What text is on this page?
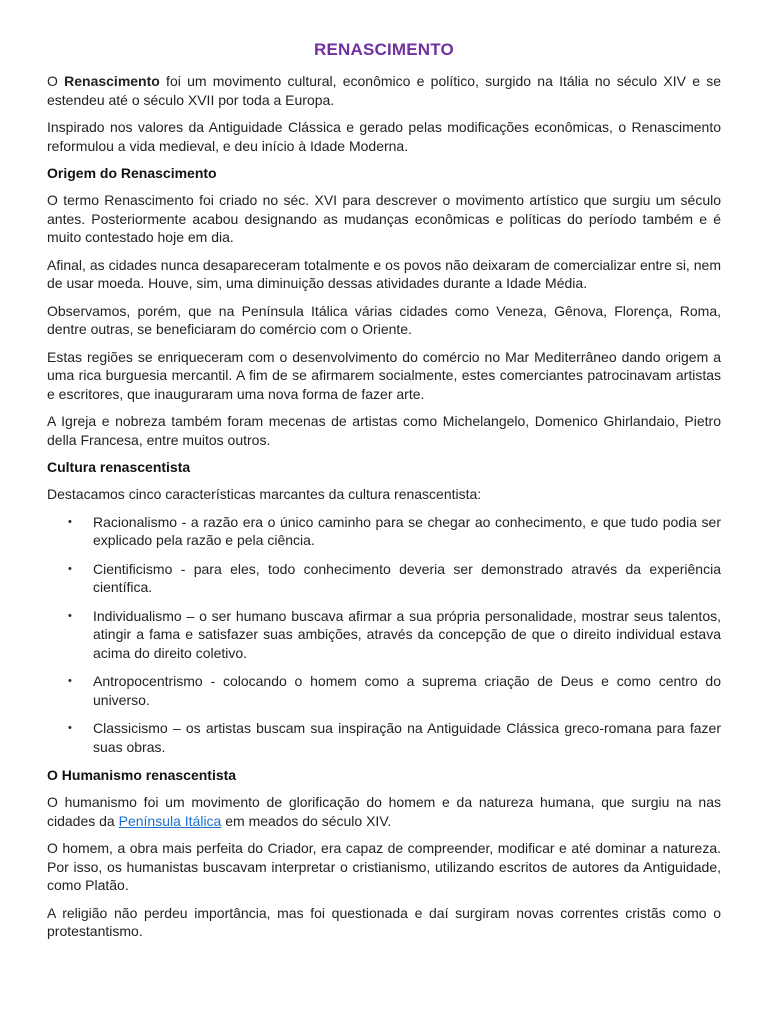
RENASCIMENTO

O Renascimento foi um movimento cultural, econômico e político, surgido na Itália no século XIV e se estendeu até o século XVII por toda a Europa.

Inspirado nos valores da Antiguidade Clássica e gerado pelas modificações econômicas, o Renascimento reformulou a vida medieval, e deu início à Idade Moderna.

Origem do Renascimento

O termo Renascimento foi criado no séc. XVI para descrever o movimento artístico que surgiu um século antes. Posteriormente acabou designando as mudanças econômicas e políticas do período também e é muito contestado hoje em dia.

Afinal, as cidades nunca desapareceram totalmente e os povos não deixaram de comercializar entre si, nem de usar moeda. Houve, sim, uma diminuição dessas atividades durante a Idade Média.

Observamos, porém, que na Península Itálica várias cidades como Veneza, Gênova, Florença, Roma, dentre outras, se beneficiaram do comércio com o Oriente.

Estas regiões se enriqueceram com o desenvolvimento do comércio no Mar Mediterrâneo dando origem a uma rica burguesia mercantil. A fim de se afirmarem socialmente, estes comerciantes patrocinavam artistas e escritores, que inauguraram uma nova forma de fazer arte.

A Igreja e nobreza também foram mecenas de artistas como Michelangelo, Domenico Ghirlandaio, Pietro della Francesa, entre muitos outros.

Cultura renascentista

Destacamos cinco características marcantes da cultura renascentista:

• Racionalismo - a razão era o único caminho para se chegar ao conhecimento, e que tudo podia ser explicado pela razão e pela ciência.
• Cientificismo - para eles, todo conhecimento deveria ser demonstrado através da experiência científica.
• Individualismo – o ser humano buscava afirmar a sua própria personalidade, mostrar seus talentos, atingir a fama e satisfazer suas ambições, através da concepção de que o direito individual estava acima do direito coletivo.
• Antropocentrismo - colocando o homem como a suprema criação de Deus e como centro do universo.
• Classicismo – os artistas buscam sua inspiração na Antiguidade Clássica greco-romana para fazer suas obras.
O Humanismo renascentista

O humanismo foi um movimento de glorificação do homem e da natureza humana, que surgiu na nas cidades da Península Itálica em meados do século XIV.

O homem, a obra mais perfeita do Criador, era capaz de compreender, modificar e até dominar a natureza. Por isso, os humanistas buscavam interpretar o cristianismo, utilizando escritos de autores da Antiguidade, como Platão.

A religião não perdeu importância, mas foi questionada e daí surgiram novas correntes cristãs como o protestantismo.
